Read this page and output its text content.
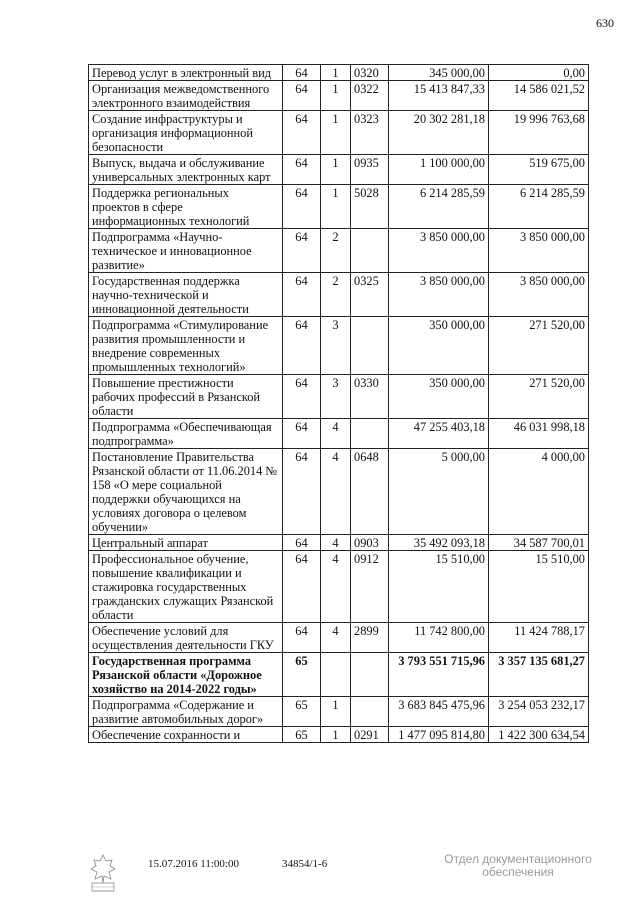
630
Перевод услуг в электронный вид	64	1	0320	345 000,00	0,00
Организация межведомственного электронного взаимодействия	64	1	0322	15 413 847,33	14 586 021,52
Создание инфраструктуры и организация информационной безопасности	64	1	0323	20 302 281,18	19 996 763,68
Выпуск, выдача и обслуживание универсальных электронных карт	64	1	0935	1 100 000,00	519 675,00
Поддержка региональных проектов в сфере информационных технологий	64	1	5028	6 214 285,59	6 214 285,59
Подпрограмма «Научно-техническое и инновационное развитие»	64	2		3 850 000,00	3 850 000,00
Государственная поддержка научно-технической и инновационной деятельности	64	2	0325	3 850 000,00	3 850 000,00
Подпрограмма «Стимулирование развития промышленности и внедрение современных промышленных технологий»	64	3		350 000,00	271 520,00
Повышение престижности рабочих профессий в Рязанской области	64	3	0330	350 000,00	271 520,00
Подпрограмма «Обеспечивающая подпрограмма»	64	4		47 255 403,18	46 031 998,18
Постановление Правительства Рязанской области от 11.06.2014 № 158 «О мере социальной поддержки обучающихся на условиях договора о целевом обучении»	64	4	0648	5 000,00	4 000,00
Центральный аппарат	64	4	0903	35 492 093,18	34 587 700,01
Профессиональное обучение, повышение квалификации и стажировка государственных гражданских служащих Рязанской области	64	4	0912	15 510,00	15 510,00
Обеспечение условий для осуществления деятельности ГКУ	64	4	2899	11 742 800,00	11 424 788,17
Государственная программа Рязанской области «Дорожное хозяйство на 2014-2022 годы»	65			3 793 551 715,96	3 357 135 681,27
Подпрограмма «Содержание и развитие автомобильных дорог»	65	1		3 683 845 475,96	3 254 053 232,17
Обеспечение сохранности и	65	1	0291	1 477 095 814,80	1 422 300 634,54
15.07.2016 11:00:00	34854/1-6	Отдел документационного
обеспечения
